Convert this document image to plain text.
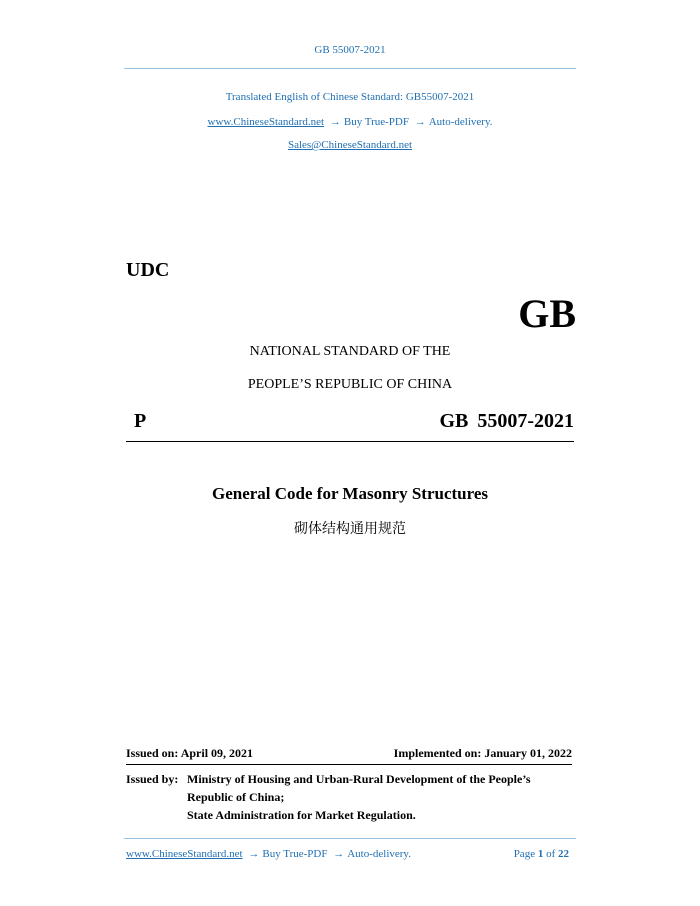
GB 55007-2021
Translated English of Chinese Standard: GB55007-2021
www.ChineseStandard.net → Buy True-PDF → Auto-delivery.
Sales@ChineseStandard.net
UDC
GB
NATIONAL STANDARD OF THE
PEOPLE’S REPUBLIC OF CHINA
P	GB 55007-2021
General Code for Masonry Structures
砌体结构通用规范
Issued on: April 09, 2021	Implemented on: January 01, 2022
Issued by: Ministry of Housing and Urban-Rural Development of the People’s
Republic of China;
State Administration for Market Regulation.
www.ChineseStandard.net → Buy True-PDF → Auto-delivery.	Page 1 of 22
